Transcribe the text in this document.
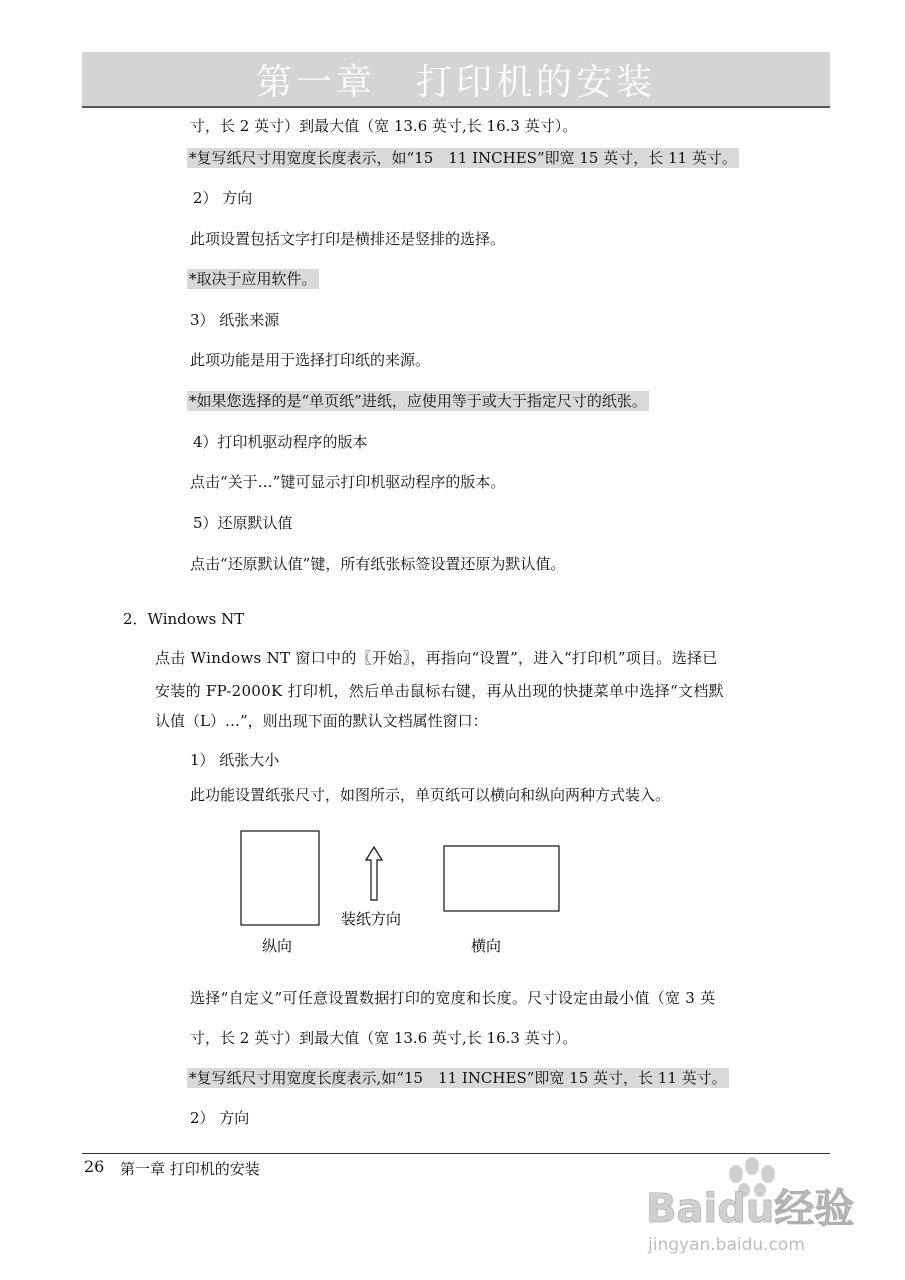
第一章　打印机的安装
寸，长 2 英寸）到最大值（宽 13.6 英寸,长 16.3 英寸）。
*复写纸尺寸用宽度长度表示，如“15　11 INCHES”即宽 15 英寸，长 11 英寸。
2） 方向
此项设置包括文字打印是横排还是竖排的选择。
*取决于应用软件。
3） 纸张来源
此项功能是用于选择打印纸的来源。
*如果您选择的是“单页纸”进纸，应使用等于或大于指定尺寸的纸张。
4）打印机驱动程序的版本
点击“关于…”键可显示打印机驱动程序的版本。
5）还原默认值
点击“还原默认值”键，所有纸张标签设置还原为默认值。
2．Windows NT
点击 Windows NT 窗口中的〖开始〗，再指向“设置”，进入“打印机”项目。选择已
安装的 FP-2000K 打印机，然后单击鼠标右键，再从出现的快捷菜单中选择“文档默
认值（L）…”，则出现下面的默认文档属性窗口：
1） 纸张大小
此功能设置纸张尺寸，如图所示，单页纸可以横向和纵向两种方式装入。
装纸方向
纵向	横向
选择“自定义”可任意设置数据打印的宽度和长度。尺寸设定由最小值（宽 3 英
寸，长 2 英寸）到最大值（宽 13.6 英寸,长 16.3 英寸）。
*复写纸尺寸用宽度长度表示,如“15　11 INCHES”即宽 15 英寸，长 11 英寸。
2） 方向
26 第一章 打印机的安装
Baidu经验
jingyan.baidu.com
